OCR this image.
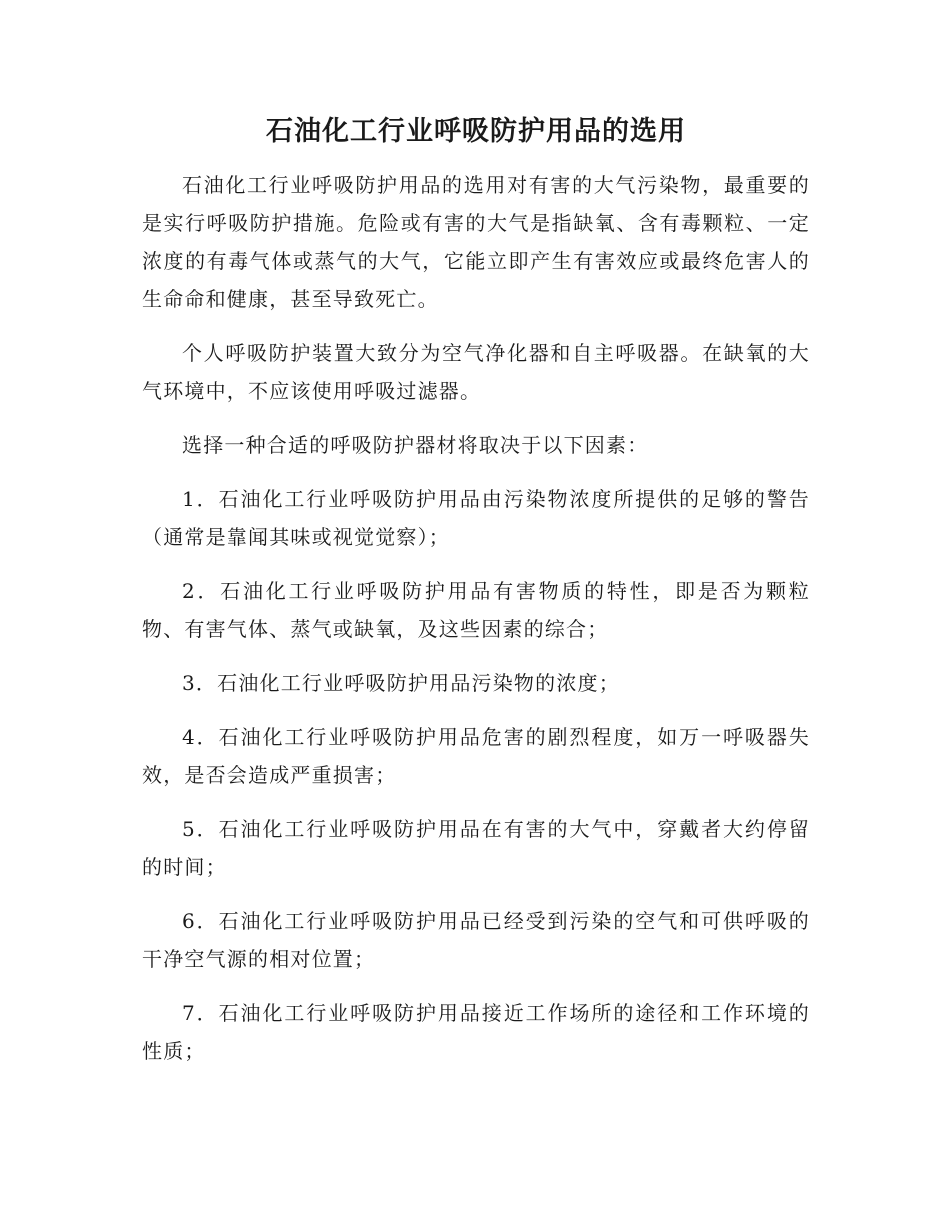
石油化工行业呼吸防护用品的选用

石油化工行业呼吸防护用品的选用对有害的大气污染物，最重要的是实行呼吸防护措施。危险或有害的大气是指缺氧、含有毒颗粒、一定浓度的有毒气体或蒸气的大气，它能立即产生有害效应或最终危害人的生命命和健康，甚至导致死亡。

个人呼吸防护装置大致分为空气净化器和自主呼吸器。在缺氧的大气环境中，不应该使用呼吸过滤器。

选择一种合适的呼吸防护器材将取决于以下因素：

1．石油化工行业呼吸防护用品由污染物浓度所提供的足够的警告（通常是靠闻其味或视觉觉察）；

2．石油化工行业呼吸防护用品有害物质的特性，即是否为颗粒物、有害气体、蒸气或缺氧，及这些因素的综合；

3．石油化工行业呼吸防护用品污染物的浓度；

4．石油化工行业呼吸防护用品危害的剧烈程度，如万一呼吸器失效，是否会造成严重损害；

5．石油化工行业呼吸防护用品在有害的大气中，穿戴者大约停留的时间；

6．石油化工行业呼吸防护用品已经受到污染的空气和可供呼吸的干净空气源的相对位置；

7．石油化工行业呼吸防护用品接近工作场所的途径和工作环境的性质；
